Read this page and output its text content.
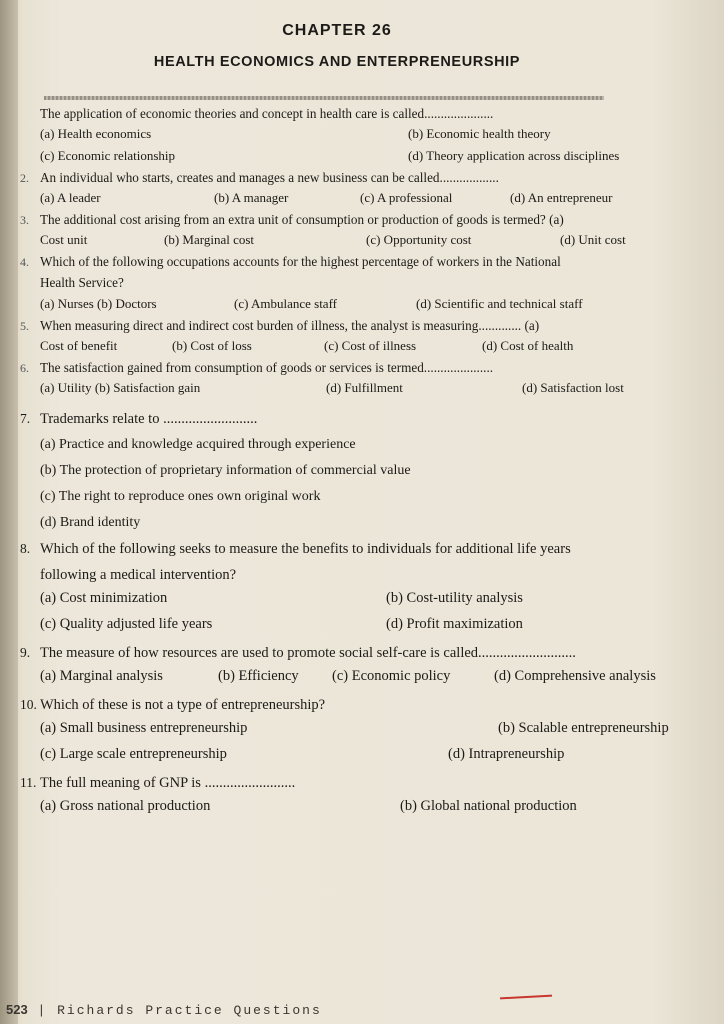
CHAPTER 26
HEALTH ECONOMICS AND ENTERPRENEURSHIP
The application of economic theories and concept in health care is called.....................
(a) Health economics	(b) Economic health theory
(c) Economic relationship	(d) Theory application across disciplines
2. An individual who starts, creates and manages a new business can be called..................
(a) A leader	(b) A manager	(c) A professional	(d) An entrepreneur
3. The additional cost arising from an extra unit of consumption or production of goods is termed? (a)
Cost unit	(b) Marginal cost	(c) Opportunity cost	(d) Unit cost
4. Which of the following occupations accounts for the highest percentage of workers in the National
Health Service?
(a) Nurses (b) Doctors	(c) Ambulance staff	(d) Scientific and technical staff
5. When measuring direct and indirect cost burden of illness, the analyst is measuring............. (a)
Cost of benefit	(b) Cost of loss	(c) Cost of illness	(d) Cost of health
6. The satisfaction gained from consumption of goods or services is termed.....................
(a) Utility (b) Satisfaction gain	(d) Fulfillment	(d) Satisfaction lost
7. Trademarks relate to ..........................
(a) Practice and knowledge acquired through experience
(b) The protection of proprietary information of commercial value
(c) The right to reproduce ones own original work
(d) Brand identity
8. Which of the following seeks to measure the benefits to individuals for additional life years
following a medical intervention?
(a) Cost minimization	(b) Cost-utility analysis
(c) Quality adjusted life years	(d) Profit maximization
9. The measure of how resources are used to promote social self-care is called...........................
(a) Marginal analysis	(b) Efficiency (c) Economic policy	(d) Comprehensive analysis
10. Which of these is not a type of entrepreneurship?
(a) Small business entrepreneurship	(b) Scalable entrepreneurship
(c) Large scale entrepreneurship	(d) Intrapreneurship
11. The full meaning of GNP is .........................
(a) Gross national production	(b) Global national production
523 | Richards Practice Questions
